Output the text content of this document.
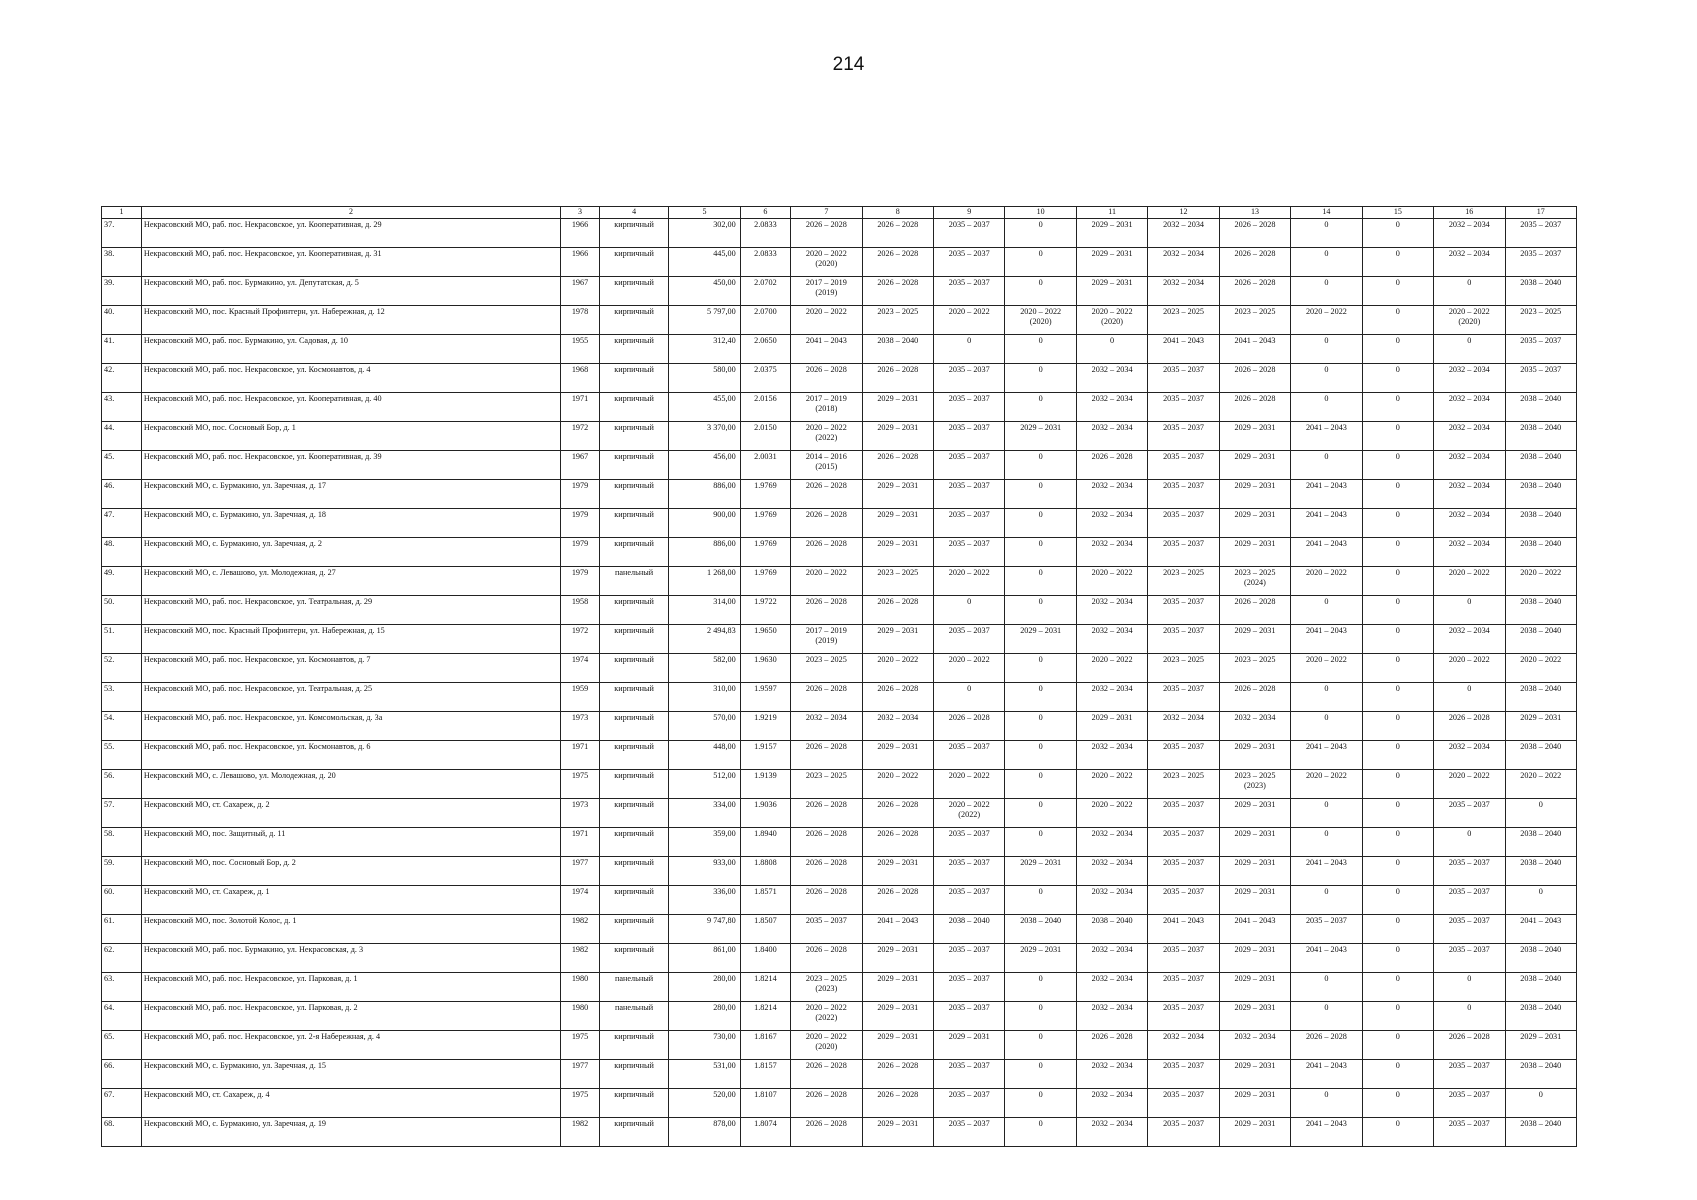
214
1	2	3	4	5	6	7	8	9	10	11	12	13	14	15	16	17
37.	Некрасовский МО, раб. пос. Некрасовское, ул. Кооперативная, д. 29	1966	кирпичный	302,00	2.0833	2026 – 2028	2026 – 2028	2035 – 2037	0	2029 – 2031	2032 – 2034	2026 – 2028	0	0	2032 – 2034	2035 – 2037
38.	Некрасовский МО, раб. пос. Некрасовское, ул. Кооперативная, д. 31	1966	кирпичный	445,00	2.0833	2020 – 2022
(2020)	2026 – 2028	2035 – 2037	0	2029 – 2031	2032 – 2034	2026 – 2028	0	0	2032 – 2034	2035 – 2037
39.	Некрасовский МО, раб. пос. Бурмакино, ул. Депутатская, д. 5	1967	кирпичный	450,00	2.0702	2017 – 2019
(2019)	2026 – 2028	2035 – 2037	0	2029 – 2031	2032 – 2034	2026 – 2028	0	0	0	2038 – 2040
40.	Некрасовский МО, пос. Красный Профинтерн, ул. Набережная, д. 12	1978	кирпичный	5 797,00	2.0700	2020 – 2022	2023 – 2025	2020 – 2022	2020 – 2022
(2020)	2020 – 2022
(2020)	2023 – 2025	2023 – 2025	2020 – 2022	0	2020 – 2022
(2020)	2023 – 2025
41.	Некрасовский МО, раб. пос. Бурмакино, ул. Садовая, д. 10	1955	кирпичный	312,40	2.0650	2041 – 2043	2038 – 2040	0	0	0	2041 – 2043	2041 – 2043	0	0	0	2035 – 2037
42.	Некрасовский МО, раб. пос. Некрасовское, ул. Космонавтов, д. 4	1968	кирпичный	580,00	2.0375	2026 – 2028	2026 – 2028	2035 – 2037	0	2032 – 2034	2035 – 2037	2026 – 2028	0	0	2032 – 2034	2035 – 2037
43.	Некрасовский МО, раб. пос. Некрасовское, ул. Кооперативная, д. 40	1971	кирпичный	455,00	2.0156	2017 – 2019
(2018)	2029 – 2031	2035 – 2037	0	2032 – 2034	2035 – 2037	2026 – 2028	0	0	2032 – 2034	2038 – 2040
44.	Некрасовский МО, пос. Сосновый Бор, д. 1	1972	кирпичный	3 370,00	2.0150	2020 – 2022
(2022)	2029 – 2031	2035 – 2037	2029 – 2031	2032 – 2034	2035 – 2037	2029 – 2031	2041 – 2043	0	2032 – 2034	2038 – 2040
45.	Некрасовский МО, раб. пос. Некрасовское, ул. Кооперативная, д. 39	1967	кирпичный	456,00	2.0031	2014 – 2016
(2015)	2026 – 2028	2035 – 2037	0	2026 – 2028	2035 – 2037	2029 – 2031	0	0	2032 – 2034	2038 – 2040
46.	Некрасовский МО, с. Бурмакино, ул. Заречная, д. 17	1979	кирпичный	886,00	1.9769	2026 – 2028	2029 – 2031	2035 – 2037	0	2032 – 2034	2035 – 2037	2029 – 2031	2041 – 2043	0	2032 – 2034	2038 – 2040
47.	Некрасовский МО, с. Бурмакино, ул. Заречная, д. 18	1979	кирпичный	900,00	1.9769	2026 – 2028	2029 – 2031	2035 – 2037	0	2032 – 2034	2035 – 2037	2029 – 2031	2041 – 2043	0	2032 – 2034	2038 – 2040
48.	Некрасовский МО, с. Бурмакино, ул. Заречная, д. 2	1979	кирпичный	886,00	1.9769	2026 – 2028	2029 – 2031	2035 – 2037	0	2032 – 2034	2035 – 2037	2029 – 2031	2041 – 2043	0	2032 – 2034	2038 – 2040
49.	Некрасовский МО, с. Левашово, ул. Молодежная, д. 27	1979	панельный	1 268,00	1.9769	2020 – 2022	2023 – 2025	2020 – 2022	0	2020 – 2022	2023 – 2025	2023 – 2025
(2024)	2020 – 2022	0	2020 – 2022	2020 – 2022
50.	Некрасовский МО, раб. пос. Некрасовское, ул. Театральная, д. 29	1958	кирпичный	314,00	1.9722	2026 – 2028	2026 – 2028	0	0	2032 – 2034	2035 – 2037	2026 – 2028	0	0	0	2038 – 2040
51.	Некрасовский МО, пос. Красный Профинтерн, ул. Набережная, д. 15	1972	кирпичный	2 494,83	1.9650	2017 – 2019
(2019)	2029 – 2031	2035 – 2037	2029 – 2031	2032 – 2034	2035 – 2037	2029 – 2031	2041 – 2043	0	2032 – 2034	2038 – 2040
52.	Некрасовский МО, раб. пос. Некрасовское, ул. Космонавтов, д. 7	1974	кирпичный	582,00	1.9630	2023 – 2025	2020 – 2022	2020 – 2022	0	2020 – 2022	2023 – 2025	2023 – 2025	2020 – 2022	0	2020 – 2022	2020 – 2022
53.	Некрасовский МО, раб. пос. Некрасовское, ул. Театральная, д. 25	1959	кирпичный	310,00	1.9597	2026 – 2028	2026 – 2028	0	0	2032 – 2034	2035 – 2037	2026 – 2028	0	0	0	2038 – 2040
54.	Некрасовский МО, раб. пос. Некрасовское, ул. Комсомольская, д. 3а	1973	кирпичный	570,00	1.9219	2032 – 2034	2032 – 2034	2026 – 2028	0	2029 – 2031	2032 – 2034	2032 – 2034	0	0	2026 – 2028	2029 – 2031
55.	Некрасовский МО, раб. пос. Некрасовское, ул. Космонавтов, д. 6	1971	кирпичный	448,00	1.9157	2026 – 2028	2029 – 2031	2035 – 2037	0	2032 – 2034	2035 – 2037	2029 – 2031	2041 – 2043	0	2032 – 2034	2038 – 2040
56.	Некрасовский МО, с. Левашово, ул. Молодежная, д. 20	1975	кирпичный	512,00	1.9139	2023 – 2025	2020 – 2022	2020 – 2022	0	2020 – 2022	2023 – 2025	2023 – 2025
(2023)	2020 – 2022	0	2020 – 2022	2020 – 2022
57.	Некрасовский МО, ст. Сахареж, д. 2	1973	кирпичный	334,00	1.9036	2026 – 2028	2026 – 2028	2020 – 2022
(2022)	0	2020 – 2022	2035 – 2037	2029 – 2031	0	0	2035 – 2037	0
58.	Некрасовский МО, пос. Защитный, д. 11	1971	кирпичный	359,00	1.8940	2026 – 2028	2026 – 2028	2035 – 2037	0	2032 – 2034	2035 – 2037	2029 – 2031	0	0	0	2038 – 2040
59.	Некрасовский МО, пос. Сосновый Бор, д. 2	1977	кирпичный	933,00	1.8808	2026 – 2028	2029 – 2031	2035 – 2037	2029 – 2031	2032 – 2034	2035 – 2037	2029 – 2031	2041 – 2043	0	2035 – 2037	2038 – 2040
60.	Некрасовский МО, ст. Сахареж, д. 1	1974	кирпичный	336,00	1.8571	2026 – 2028	2026 – 2028	2035 – 2037	0	2032 – 2034	2035 – 2037	2029 – 2031	0	0	2035 – 2037	0
61.	Некрасовский МО, пос. Золотой Колос, д. 1	1982	кирпичный	9 747,80	1.8507	2035 – 2037	2041 – 2043	2038 – 2040	2038 – 2040	2038 – 2040	2041 – 2043	2041 – 2043	2035 – 2037	0	2035 – 2037	2041 – 2043
62.	Некрасовский МО, раб. пос. Бурмакино, ул. Некрасовская, д. 3	1982	кирпичный	861,00	1.8400	2026 – 2028	2029 – 2031	2035 – 2037	2029 – 2031	2032 – 2034	2035 – 2037	2029 – 2031	2041 – 2043	0	2035 – 2037	2038 – 2040
63.	Некрасовский МО, раб. пос. Некрасовское, ул. Парковая, д. 1	1980	панельный	280,00	1.8214	2023 – 2025
(2023)	2029 – 2031	2035 – 2037	0	2032 – 2034	2035 – 2037	2029 – 2031	0	0	0	2038 – 2040
64.	Некрасовский МО, раб. пос. Некрасовское, ул. Парковая, д. 2	1980	панельный	280,00	1.8214	2020 – 2022
(2022)	2029 – 2031	2035 – 2037	0	2032 – 2034	2035 – 2037	2029 – 2031	0	0	0	2038 – 2040
65.	Некрасовский МО, раб. пос. Некрасовское, ул. 2-я Набережная, д. 4	1975	кирпичный	730,00	1.8167	2020 – 2022
(2020)	2029 – 2031	2029 – 2031	0	2026 – 2028	2032 – 2034	2032 – 2034	2026 – 2028	0	2026 – 2028	2029 – 2031
66.	Некрасовский МО, с. Бурмакино, ул. Заречная, д. 15	1977	кирпичный	531,00	1.8157	2026 – 2028	2026 – 2028	2035 – 2037	0	2032 – 2034	2035 – 2037	2029 – 2031	2041 – 2043	0	2035 – 2037	2038 – 2040
67.	Некрасовский МО, ст. Сахареж, д. 4	1975	кирпичный	520,00	1.8107	2026 – 2028	2026 – 2028	2035 – 2037	0	2032 – 2034	2035 – 2037	2029 – 2031	0	0	2035 – 2037	0
68.	Некрасовский МО, с. Бурмакино, ул. Заречная, д. 19	1982	кирпичный	878,00	1.8074	2026 – 2028	2029 – 2031	2035 – 2037	0	2032 – 2034	2035 – 2037	2029 – 2031	2041 – 2043	0	2035 – 2037	2038 – 2040
